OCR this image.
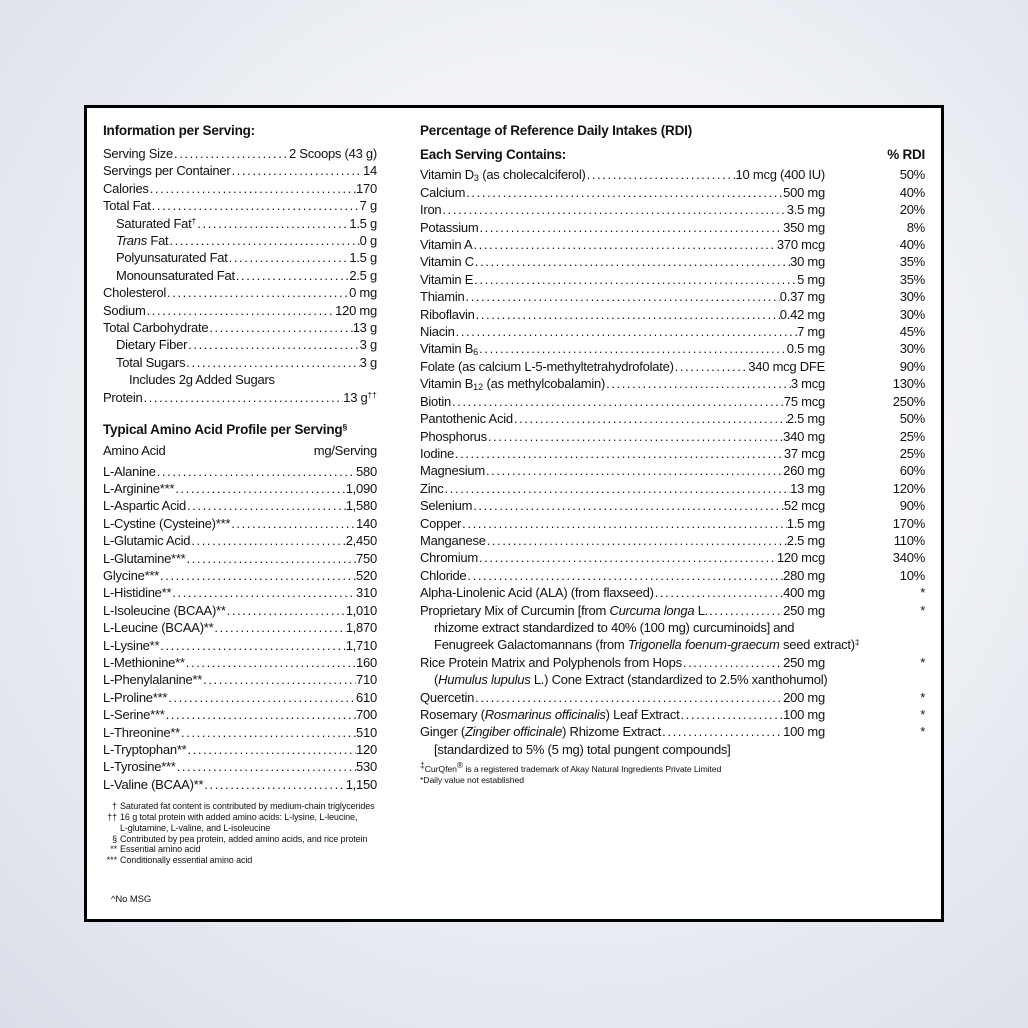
Information per Serving:
Serving Size .....	2 Scoops (43 g)
Servings per Container .....	14
Calories .....	170
Total Fat .....	7 g
Saturated Fat† .....	1.5 g
Trans Fat .....	0 g
Polyunsaturated Fat .....	1.5 g
Monounsaturated Fat .....	2.5 g
Cholesterol .....	0 mg
Sodium .....	120 mg
Total Carbohydrate .....	13 g
Dietary Fiber .....	3 g
Total Sugars .....	3 g
Includes 2g Added Sugars
Protein .....	13 g††
Typical Amino Acid Profile per Serving§
Amino Acid	mg/Serving
L-Alanine .....	580
L-Arginine*** .....	1,090
L-Aspartic Acid .....	1,580
L-Cystine (Cysteine)*** .....	140
L-Glutamic Acid .....	2,450
L-Glutamine*** .....	750
Glycine*** .....	520
L-Histidine** .....	310
L-Isoleucine (BCAA)** .....	1,010
L-Leucine (BCAA)** .....	1,870
L-Lysine** .....	1,710
L-Methionine** .....	160
L-Phenylalanine** .....	710
L-Proline*** .....	610
L-Serine*** .....	700
L-Threonine** .....	510
L-Tryptophan** .....	120
L-Tyrosine*** .....	530
L-Valine (BCAA)** .....	1,150
† Saturated fat content is contributed by medium-chain triglycerides
†† 16 g total protein with added amino acids: L-lysine, L-leucine,
L-glutamine, L-valine, and L-isoleucine
§ Contributed by pea protein, added amino acids, and rice protein
** Essential amino acid
*** Conditionally essential amino acid
^No MSG
Percentage of Reference Daily Intakes (RDI)
Each Serving Contains:	% RDI
Vitamin $D_3$ (as cholecalciferol) .....	10 mcg (400 IU)	50%
Calcium .....	500 mg	40%
Iron .....	3.5 mg	20%
Potassium .....	350 mg	8%
Vitamin A .....	370 mcg	40%
Vitamin C .....	30 mg	35%
Vitamin E .....	5 mg	35%
Thiamin .....	0.37 mg	30%
Riboflavin .....	0.42 mg	30%
Niacin .....	7 mg	45%
Vitamin $B_6$ .....	0.5 mg	30%
Folate (as calcium L-5-methyltetrahydrofolate) .....	340 mcg DFE	90%
Vitamin $B_{12}$ (as methylcobalamin) .....	3 mcg	130%
Biotin .....	75 mcg	250%
Pantothenic Acid .....	2.5 mg	50%
Phosphorus .....	340 mg	25%
Iodine .....	37 mcg	25%
Magnesium .....	260 mg	60%
Zinc .....	13 mg	120%
Selenium .....	52 mcg	90%
Copper .....	1.5 mg	170%
Manganese .....	2.5 mg	110%
Chromium .....	120 mcg	340%
Chloride .....	280 mg	10%
Alpha-Linolenic Acid (ALA) (from flaxseed) .....	400 mg	*
Proprietary Mix of Curcumin [from Curcuma longa L. .....	250 mg	*
rhizome extract standardized to 40% (100 mg) curcuminoids] and
Fenugreek Galactomannans (from Trigonella foenum-graecum seed extract)‡
Rice Protein Matrix and Polyphenols from Hops .....	250 mg	*
(Humulus lupulus L.) Cone Extract (standardized to 2.5% xanthohumol)
Quercetin .....	200 mg	*
Rosemary (Rosmarinus officinalis) Leaf Extract .....	100 mg	*
Ginger (Zingiber officinale) Rhizome Extract .....	100 mg	*
[standardized to 5% (5 mg) total pungent compounds]
‡CurQfen® is a registered trademark of Akay Natural Ingredients Private Limited
*Daily value not established
